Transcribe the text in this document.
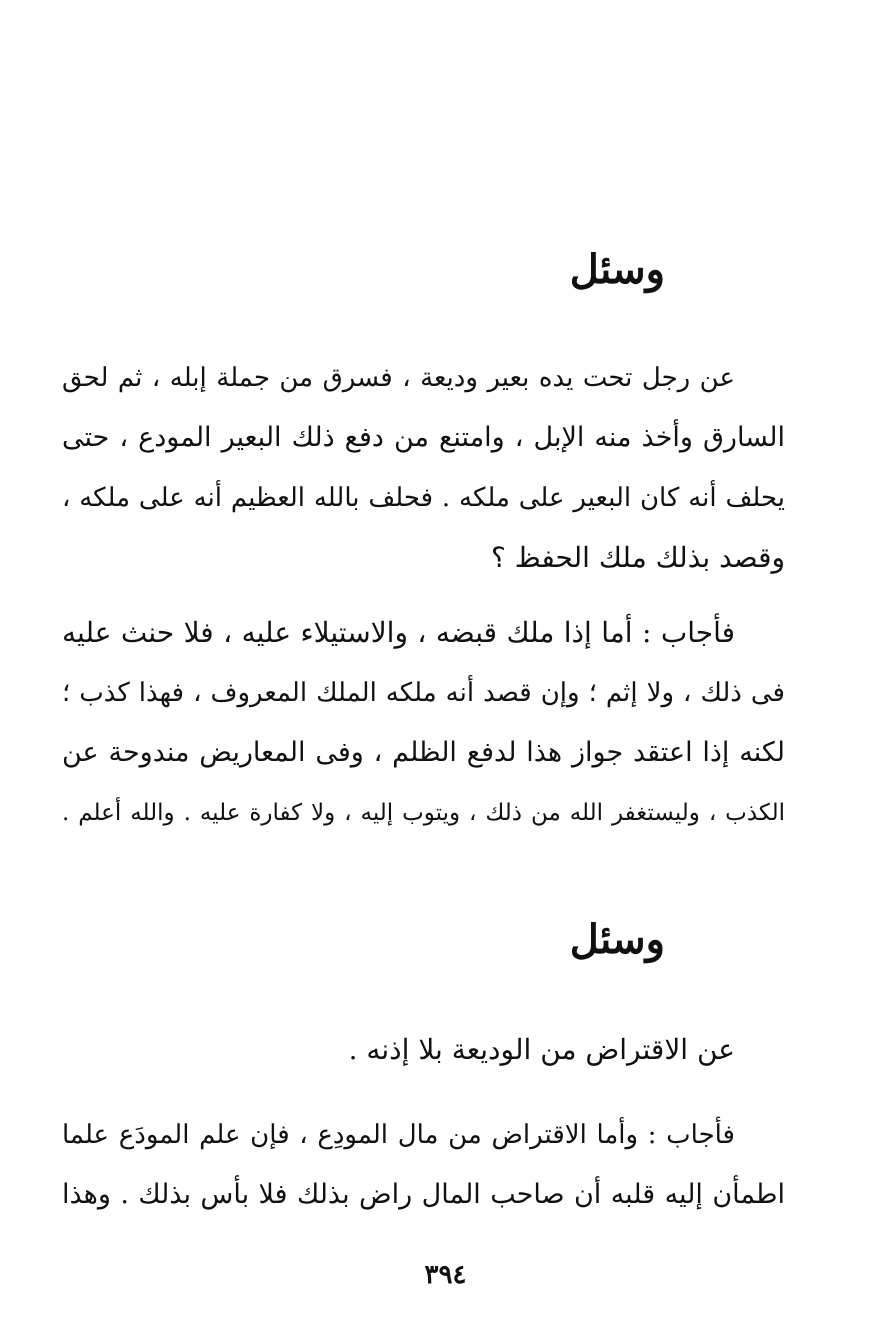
وسئل
عن رجل تحت يده بعير وديعة ، فسرق من جملة إبله ، ثم لحق
السارق وأخذ منه الإبل ، وامتنع من دفع ذلك البعير المودع ، حتى
يحلف أنه كان البعير على ملكه . فحلف بالله العظيم أنه على ملكه ،
وقصد بذلك ملك الحفظ ؟
فأجاب : أما إذا ملك قبضه ، والاستيلاء عليه ، فلا حنث عليه
فى ذلك ، ولا إثم ؛ وإن قصد أنه ملكه الملك المعروف ، فهذا كذب ؛
لكنه إذا اعتقد جواز هذا لدفع الظلم ، وفى المعاريض مندوحة عن
الكذب ، وليستغفر الله من ذلك ، ويتوب إليه ، ولا كفارة عليه . والله أعلم .
وسئل
عن الاقتراض من الوديعة بلا إذنه .
فأجاب : وأما الاقتراض من مال المودِع ، فإن علم المودَع علما
اطمأن إليه قلبه أن صاحب المال راض بذلك فلا بأس بذلك . وهذا
٣٩٤
